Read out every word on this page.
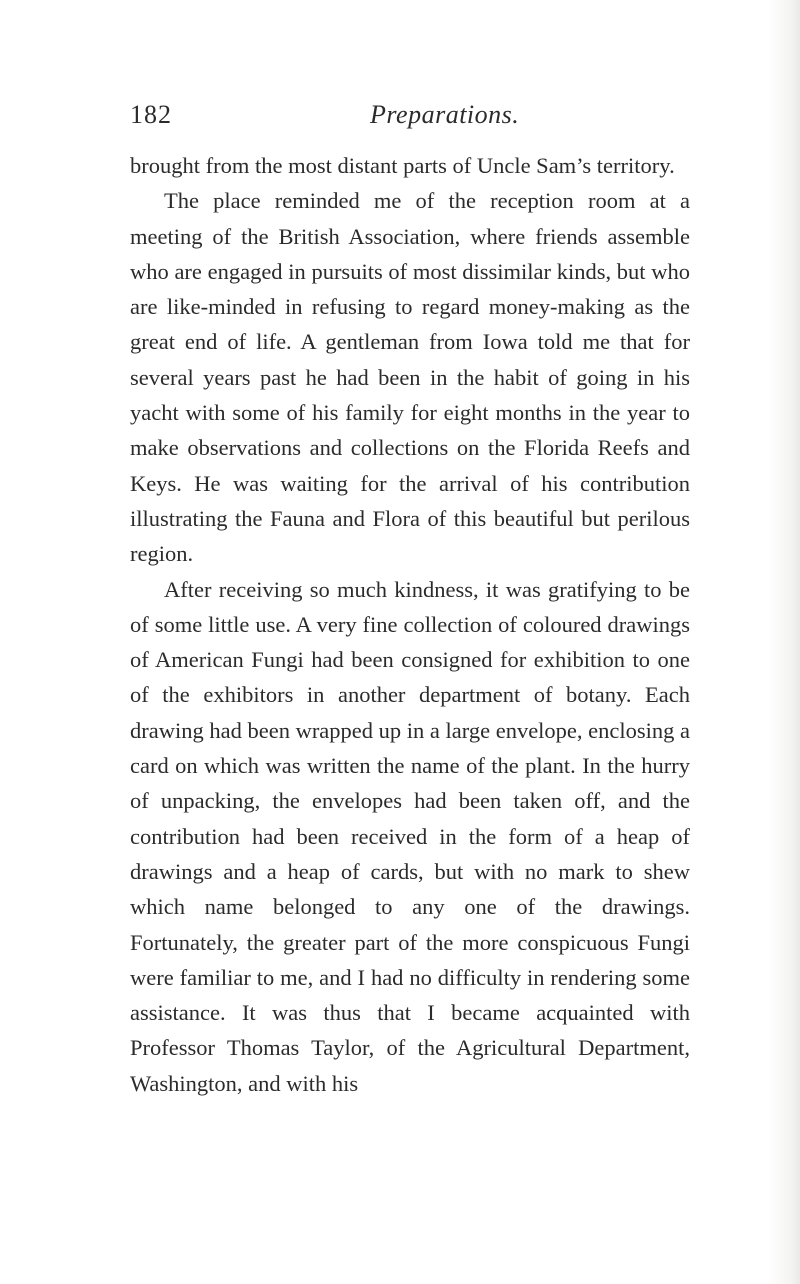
182	Preparations.

brought from the most distant parts of Uncle Sam’s territory.

The place reminded me of the reception room at a meeting of the British Association, where friends assemble who are engaged in pursuits of most dissimilar kinds, but who are like-minded in refusing to regard money-making as the great end of life. A gentleman from Iowa told me that for several years past he had been in the habit of going in his yacht with some of his family for eight months in the year to make observations and collections on the Florida Reefs and Keys. He was waiting for the arrival of his contribution illustrating the Fauna and Flora of this beautiful but perilous region.

After receiving so much kindness, it was gratifying to be of some little use. A very fine collection of coloured drawings of American Fungi had been consigned for exhibition to one of the exhibitors in another department of botany. Each drawing had been wrapped up in a large envelope, enclosing a card on which was written the name of the plant. In the hurry of unpacking, the envelopes had been taken off, and the contribution had been received in the form of a heap of drawings and a heap of cards, but with no mark to shew which name belonged to any one of the drawings. Fortunately, the greater part of the more conspicuous Fungi were familiar to me, and I had no difficulty in rendering some assistance. It was thus that I became acquainted with Professor Thomas Taylor, of the Agricultural Department, Washington, and with his
